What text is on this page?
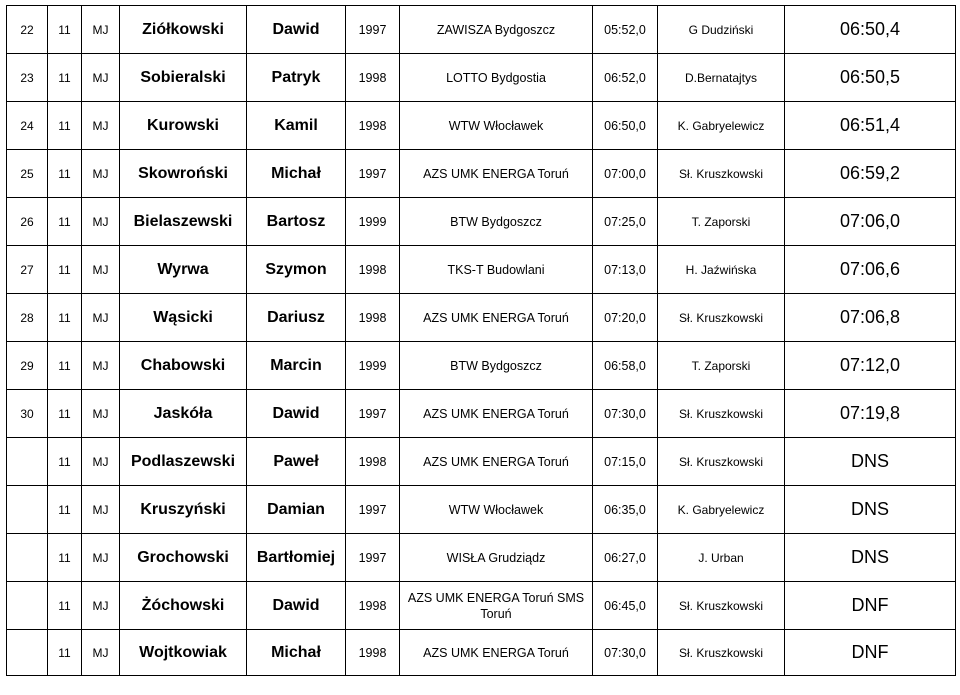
22	11	MJ	Ziółkowski	Dawid	1997	ZAWISZA Bydgoszcz	05:52,0	G Dudziński	06:50,4
23	11	MJ	Sobieralski	Patryk	1998	LOTTO Bydgostia	06:52,0	D.Bernatajtys	06:50,5
24	11	MJ	Kurowski	Kamil	1998	WTW Włocławek	06:50,0	K. Gabryelewicz	06:51,4
25	11	MJ	Skowroński	Michał	1997	AZS UMK ENERGA Toruń	07:00,0	Sł. Kruszkowski	06:59,2
26	11	MJ	Bielaszewski	Bartosz	1999	BTW Bydgoszcz	07:25,0	T. Zaporski	07:06,0
27	11	MJ	Wyrwa	Szymon	1998	TKS-T Budowlani	07:13,0	H. Jaźwińska	07:06,6
28	11	MJ	Wąsicki	Dariusz	1998	AZS UMK ENERGA Toruń	07:20,0	Sł. Kruszkowski	07:06,8
29	11	MJ	Chabowski	Marcin	1999	BTW Bydgoszcz	06:58,0	T. Zaporski	07:12,0
30	11	MJ	Jaskóła	Dawid	1997	AZS UMK ENERGA Toruń	07:30,0	Sł. Kruszkowski	07:19,8
	11	MJ	Podlaszewski	Paweł	1998	AZS UMK ENERGA Toruń	07:15,0	Sł. Kruszkowski	DNS
	11	MJ	Kruszyński	Damian	1997	WTW Włocławek	06:35,0	K. Gabryelewicz	DNS
	11	MJ	Grochowski	Bartłomiej	1997	WISŁA Grudziądz	06:27,0	J. Urban	DNS
	11	MJ	Żóchowski	Dawid	1998	AZS UMK ENERGA Toruń SMS Toruń	06:45,0	Sł. Kruszkowski	DNF
	11	MJ	Wojtkowiak	Michał	1998	AZS UMK ENERGA Toruń	07:30,0	Sł. Kruszkowski	DNF
